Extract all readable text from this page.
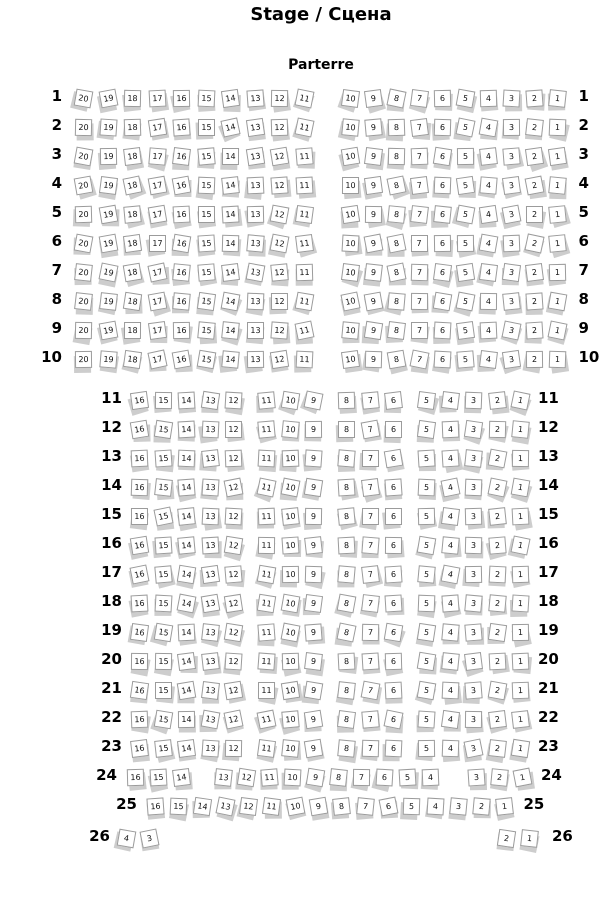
Stage / Сцена
Parterre
1 20 19 18 17 16 15 14 13 12 11	10 9 8 7 6 5 4 3 2 1 1
2 20 19 18 17 16 15 14 13 12 11	10 9 8 7 6 5 4 3 2 1 2
3 20 19 18 17 16 15 14 13 12 11	10 9 8 7 6 5 4 3 2 1 3
4 20 19 18 17 16 15 14 13 12 11	10 9 8 7 6 5 4 3 2 1 4
5 20 19 18 17 16 15 14 13 12 11	10 9 8 7 6 5 4 3 2 1 5
6 20 19 18 17 16 15 14 13 12 11	10 9 8 7 6 5 4 3 2 1 6
7 20 19 18 17 16 15 14 13 12 11	10 9 8 7 6 5 4 3 2 1 7
8 20 19 18 17 16 15 14 13 12 11	10 9 8 7 6 5 4 3 2 1 8
9 20 19 18 17 16 15 14 13 12 11	10 9 8 7 6 5 4 3 2 1 9
10 20 19 18 17 16 15 14 13 12 11	10 9 8 7 6 5 4 3 2 1 10
11 16 15 14 13 12	11 10 9	8 7 6	5 4 3 2 1 11
12 16 15 14 13 12	11 10 9	8 7 6	5 4 3 2 1 12
13 16 15 14 13 12	11 10 9	8 7 6	5 4 3 2 1 13
14 16 15 14 13 12	11 10 9	8 7 6	5 4 3 2 1 14
15 16 15 14 13 12	11 10 9	8 7 6	5 4 3 2 1 15
16 16 15 14 13 12	11 10 9	8 7 6	5 4 3 2 1 16
17 16 15 14 13 12	11 10 9	8 7 6	5 4 3 2 1 17
18 16 15 14 13 12	11 10 9	8 7 6	5 4 3 2 1 18
19 16 15 14 13 12	11 10 9	8 7 6	5 4 3 2 1 19
20 16 15 14 13 12	11 10 9	8 7 6	5 4 3 2 1 20
21 16 15 14 13 12	11 10 9	8 7 6	5 4 3 2 1 21
22 16 15 14 13 12	11 10 9	8 7 6	5 4 3 2 1 22
23 16 15 14 13 12	11 10 9	8 7 6	5 4 3 2 1 23
24 16 15 14	13 12 11 10 9 8 7 6 5 4	3 2 1 24
25 16 15 14 13 12 11 10 9 8 7 6 5 4 3 2 1 25
26 4 3	2 1 26
